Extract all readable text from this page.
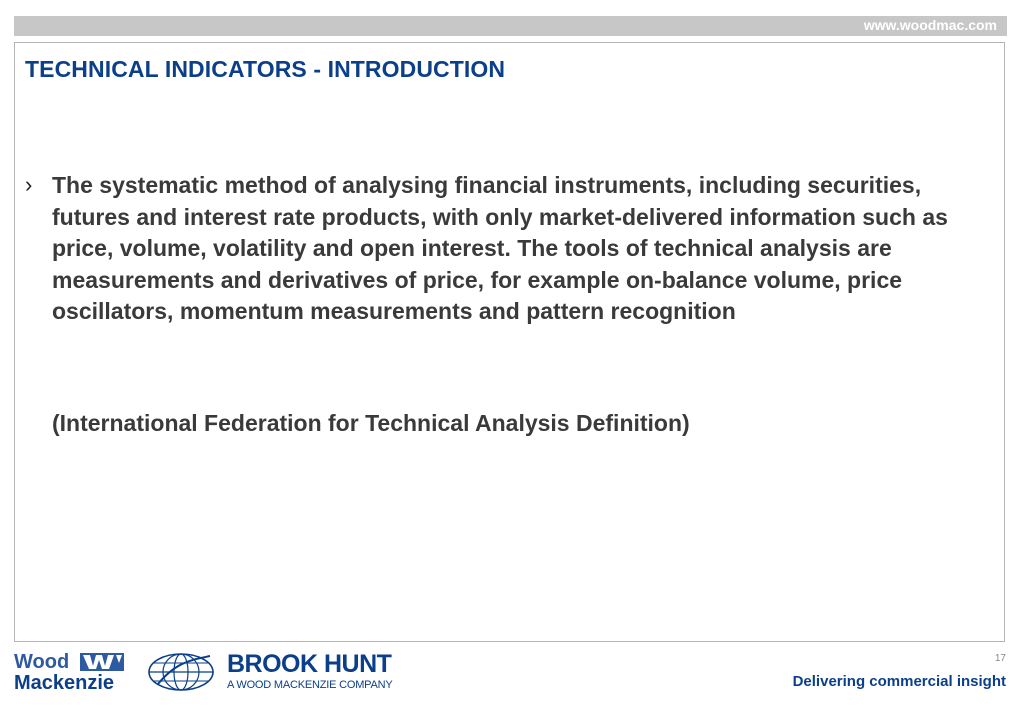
www.woodmac.com
TECHNICAL INDICATORS - INTRODUCTION
› The systematic method of analysing financial instruments, including securities, futures and interest rate products, with only market-delivered information such as price, volume, volatility and open interest. The tools of technical analysis are measurements and derivatives of price, for example on-balance volume, price oscillators, momentum measurements and pattern recognition
(International Federation for Technical Analysis Definition)
Wood
Mackenzie
BROOK HUNT
A WOOD MACKENZIE COMPANY
17
Delivering commercial insight
